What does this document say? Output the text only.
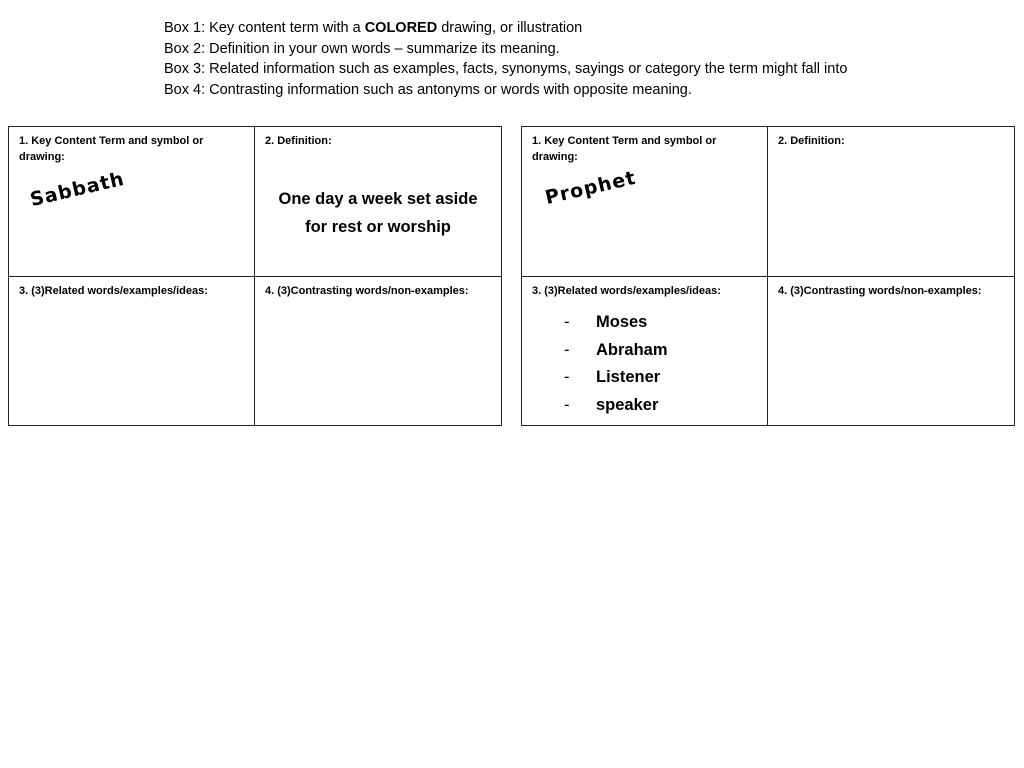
Box 1: Key content term with a COLORED drawing, or illustration
Box 2: Definition in your own words – summarize its meaning.
Box 3: Related information such as examples, facts, synonyms, sayings or category the term might fall into
Box 4: Contrasting information such as antonyms or words with opposite meaning.
1. Key Content Term and symbol or drawing:
Sabbath
2. Definition:
One day a week set aside
for rest or worship
3. (3)Related words/examples/ideas:	4. (3)Contrasting words/non-examples:
1. Key Content Term and symbol or drawing:
Prophet
2. Definition:
3. (3)Related words/examples/ideas:
-	Moses
-	Abraham
-	Listener
-	speaker
4. (3)Contrasting words/non-examples:
